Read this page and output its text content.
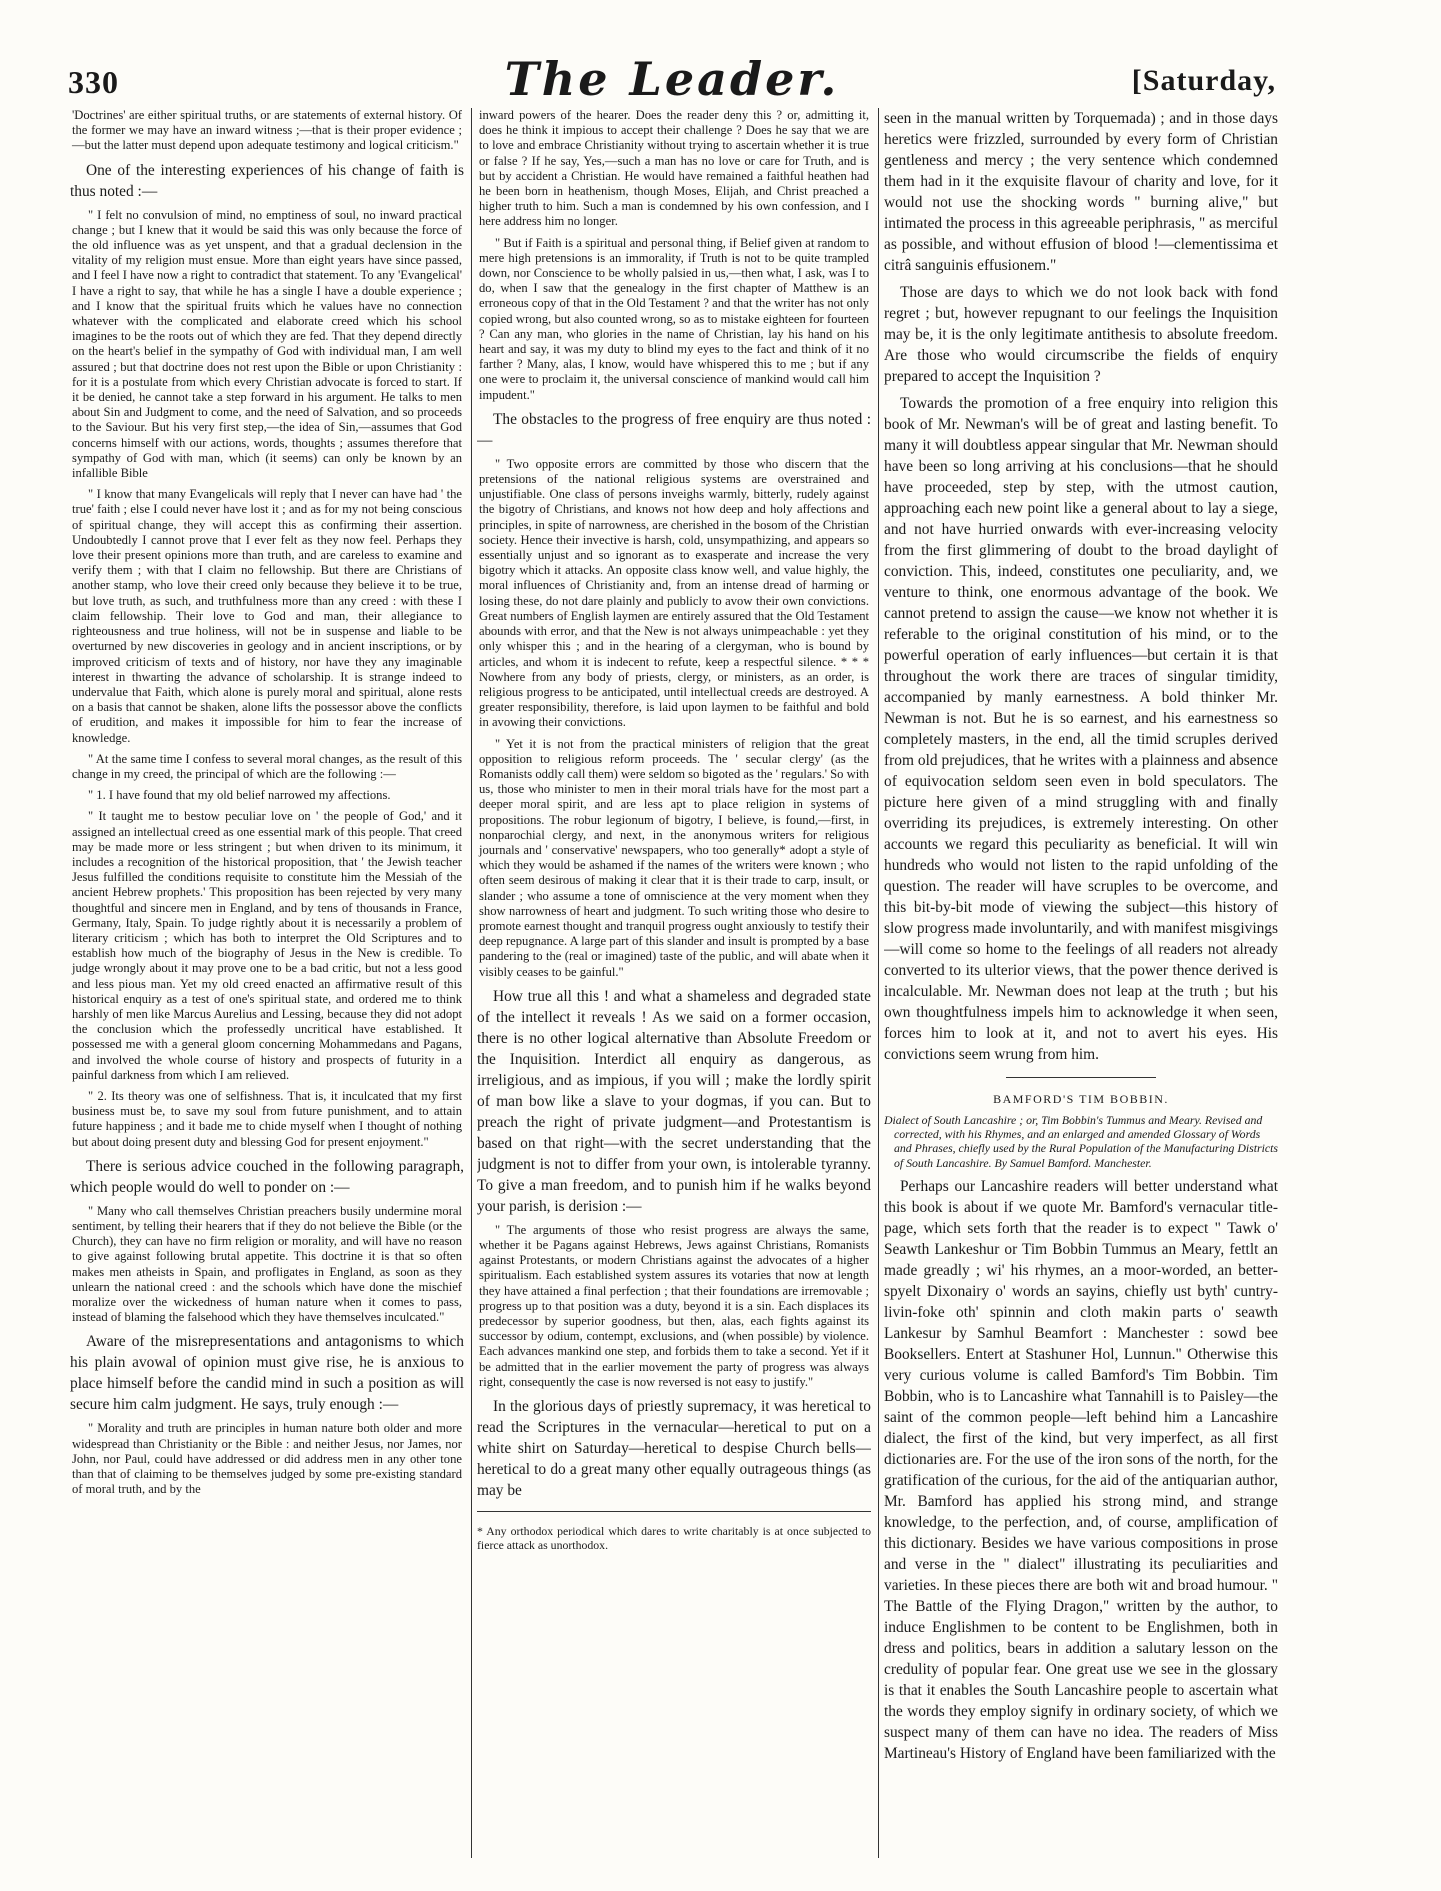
330	The Leader.	[Saturday,

'Doctrines' are either spiritual truths, or are statements of external history. Of the former we may have an inward witness ;—that is their proper evidence ;—but the latter must depend upon adequate testimony and logical criticism."

One of the interesting experiences of his change of faith is thus noted :—

" I felt no convulsion of mind, no emptiness of soul, no inward practical change ; but I knew that it would be said this was only because the force of the old influence was as yet unspent, and that a gradual declension in the vitality of my religion must ensue. More than eight years have since passed, and I feel I have now a right to contradict that statement. To any 'Evangelical' I have a right to say, that while he has a single I have a double experience ; and I know that the spiritual fruits which he values have no connection whatever with the complicated and elaborate creed which his school imagines to be the roots out of which they are fed. That they depend directly on the heart's belief in the sympathy of God with individual man, I am well assured ; but that doctrine does not rest upon the Bible or upon Christianity : for it is a postulate from which every Christian advocate is forced to start. If it be denied, he cannot take a step forward in his argument. He talks to men about Sin and Judgment to come, and the need of Salvation, and so proceeds to the Saviour. But his very first step,—the idea of Sin,—assumes that God concerns himself with our actions, words, thoughts ; assumes therefore that sympathy of God with man, which (it seems) can only be known by an infallible Bible

" I know that many Evangelicals will reply that I never can have had ' the true' faith ; else I could never have lost it ; and as for my not being conscious of spiritual change, they will accept this as confirming their assertion. Undoubtedly I cannot prove that I ever felt as they now feel. Perhaps they love their present opinions more than truth, and are careless to examine and verify them ; with that I claim no fellowship. But there are Christians of another stamp, who love their creed only because they believe it to be true, but love truth, as such, and truthfulness more than any creed : with these I claim fellowship. Their love to God and man, their allegiance to righteousness and true holiness, will not be in suspense and liable to be overturned by new discoveries in geology and in ancient inscriptions, or by improved criticism of texts and of history, nor have they any imaginable interest in thwarting the advance of scholarship. It is strange indeed to undervalue that Faith, which alone is purely moral and spiritual, alone rests on a basis that cannot be shaken, alone lifts the possessor above the conflicts of erudition, and makes it impossible for him to fear the increase of knowledge.

" At the same time I confess to several moral changes, as the result of this change in my creed, the principal of which are the following :—

" 1. I have found that my old belief narrowed my affections.

" It taught me to bestow peculiar love on ' the people of God,' and it assigned an intellectual creed as one essential mark of this people. That creed may be made more or less stringent ; but when driven to its minimum, it includes a recognition of the historical proposition, that ' the Jewish teacher Jesus fulfilled the conditions requisite to constitute him the Messiah of the ancient Hebrew prophets.' This proposition has been rejected by very many thoughtful and sincere men in England, and by tens of thousands in France, Germany, Italy, Spain. To judge rightly about it is necessarily a problem of literary criticism ; which has both to interpret the Old Scriptures and to establish how much of the biography of Jesus in the New is credible. To judge wrongly about it may prove one to be a bad critic, but not a less good and less pious man. Yet my old creed enacted an affirmative result of this historical enquiry as a test of one's spiritual state, and ordered me to think harshly of men like Marcus Aurelius and Lessing, because they did not adopt the conclusion which the professedly uncritical have established. It possessed me with a general gloom concerning Mohammedans and Pagans, and involved the whole course of history and prospects of futurity in a painful darkness from which I am relieved.

" 2. Its theory was one of selfishness. That is, it inculcated that my first business must be, to save my soul from future punishment, and to attain future happiness ; and it bade me to chide myself when I thought of nothing but about doing present duty and blessing God for present enjoyment."

There is serious advice couched in the following paragraph, which people would do well to ponder on :—

" Many who call themselves Christian preachers busily undermine moral sentiment, by telling their hearers that if they do not believe the Bible (or the Church), they can have no firm religion or morality, and will have no reason to give against following brutal appetite. This doctrine it is that so often makes men atheists in Spain, and profligates in England, as soon as they unlearn the national creed : and the schools which have done the mischief moralize over the wickedness of human nature when it comes to pass, instead of blaming the falsehood which they have themselves inculcated."

Aware of the misrepresentations and antagonisms to which his plain avowal of opinion must give rise, he is anxious to place himself before the candid mind in such a position as will secure him calm judgment. He says, truly enough :—

" Morality and truth are principles in human nature both older and more widespread than Christianity or the Bible : and neither Jesus, nor James, nor John, nor Paul, could have addressed or did address men in any other tone than that of claiming to be themselves judged by some pre-existing standard of moral truth, and by the

inward powers of the hearer. Does the reader deny this ? or, admitting it, does he think it impious to accept their challenge ? Does he say that we are to love and embrace Christianity without trying to ascertain whether it is true or false ? If he say, Yes,—such a man has no love or care for Truth, and is but by accident a Christian. He would have remained a faithful heathen had he been born in heathenism, though Moses, Elijah, and Christ preached a higher truth to him. Such a man is condemned by his own confession, and I here address him no longer.

" But if Faith is a spiritual and personal thing, if Belief given at random to mere high pretensions is an immorality, if Truth is not to be quite trampled down, nor Conscience to be wholly palsied in us,—then what, I ask, was I to do, when I saw that the genealogy in the first chapter of Matthew is an erroneous copy of that in the Old Testament ? and that the writer has not only copied wrong, but also counted wrong, so as to mistake eighteen for fourteen ? Can any man, who glories in the name of Christian, lay his hand on his heart and say, it was my duty to blind my eyes to the fact and think of it no farther ? Many, alas, I know, would have whispered this to me ; but if any one were to proclaim it, the universal conscience of mankind would call him impudent."

The obstacles to the progress of free enquiry are thus noted :—

" Two opposite errors are committed by those who discern that the pretensions of the national religious systems are overstrained and unjustifiable. One class of persons inveighs warmly, bitterly, rudely against the bigotry of Christians, and knows not how deep and holy affections and principles, in spite of narrowness, are cherished in the bosom of the Christian society. Hence their invective is harsh, cold, unsympathizing, and appears so essentially unjust and so ignorant as to exasperate and increase the very bigotry which it attacks. An opposite class know well, and value highly, the moral influences of Christianity and, from an intense dread of harming or losing these, do not dare plainly and publicly to avow their own convictions. Great numbers of English laymen are entirely assured that the Old Testament abounds with error, and that the New is not always unimpeachable : yet they only whisper this ; and in the hearing of a clergyman, who is bound by articles, and whom it is indecent to refute, keep a respectful silence. * * * Nowhere from any body of priests, clergy, or ministers, as an order, is religious progress to be anticipated, until intellectual creeds are destroyed. A greater responsibility, therefore, is laid upon laymen to be faithful and bold in avowing their convictions.

" Yet it is not from the practical ministers of religion that the great opposition to religious reform proceeds. The ' secular clergy' (as the Romanists oddly call them) were seldom so bigoted as the ' regulars.' So with us, those who minister to men in their moral trials have for the most part a deeper moral spirit, and are less apt to place religion in systems of propositions. The robur legionum of bigotry, I believe, is found,—first, in nonparochial clergy, and next, in the anonymous writers for religious journals and ' conservative' newspapers, who too generally* adopt a style of which they would be ashamed if the names of the writers were known ; who often seem desirous of making it clear that it is their trade to carp, insult, or slander ; who assume a tone of omniscience at the very moment when they show narrowness of heart and judgment. To such writing those who desire to promote earnest thought and tranquil progress ought anxiously to testify their deep repugnance. A large part of this slander and insult is prompted by a base pandering to the (real or imagined) taste of the public, and will abate when it visibly ceases to be gainful."

How true all this ! and what a shameless and degraded state of the intellect it reveals ! As we said on a former occasion, there is no other logical alternative than Absolute Freedom or the Inquisition. Interdict all enquiry as dangerous, as irreligious, and as impious, if you will ; make the lordly spirit of man bow like a slave to your dogmas, if you can. But to preach the right of private judgment—and Protestantism is based on that right—with the secret understanding that the judgment is not to differ from your own, is intolerable tyranny. To give a man freedom, and to punish him if he walks beyond your parish, is derision :—

" The arguments of those who resist progress are always the same, whether it be Pagans against Hebrews, Jews against Christians, Romanists against Protestants, or modern Christians against the advocates of a higher spiritualism. Each established system assures its votaries that now at length they have attained a final perfection ; that their foundations are irremovable ; progress up to that position was a duty, beyond it is a sin. Each displaces its predecessor by superior goodness, but then, alas, each fights against its successor by odium, contempt, exclusions, and (when possible) by violence. Each advances mankind one step, and forbids them to take a second. Yet if it be admitted that in the earlier movement the party of progress was always right, consequently the case is now reversed is not easy to justify."

In the glorious days of priestly supremacy, it was heretical to read the Scriptures in the vernacular—heretical to put on a white shirt on Saturday—heretical to despise Church bells—heretical to do a great many other equally outrageous things (as may be

* Any orthodox periodical which dares to write charitably is at once subjected to fierce attack as unorthodox.

seen in the manual written by Torquemada) ; and in those days heretics were frizzled, surrounded by every form of Christian gentleness and mercy ; the very sentence which condemned them had in it the exquisite flavour of charity and love, for it would not use the shocking words " burning alive," but intimated the process in this agreeable periphrasis, " as merciful as possible, and without effusion of blood !—clementissima et citrâ sanguinis effusionem."

Those are days to which we do not look back with fond regret ; but, however repugnant to our feelings the Inquisition may be, it is the only legitimate antithesis to absolute freedom. Are those who would circumscribe the fields of enquiry prepared to accept the Inquisition ?

Towards the promotion of a free enquiry into religion this book of Mr. Newman's will be of great and lasting benefit. To many it will doubtless appear singular that Mr. Newman should have been so long arriving at his conclusions—that he should have proceeded, step by step, with the utmost caution, approaching each new point like a general about to lay a siege, and not have hurried onwards with ever-increasing velocity from the first glimmering of doubt to the broad daylight of conviction. This, indeed, constitutes one peculiarity, and, we venture to think, one enormous advantage of the book. We cannot pretend to assign the cause—we know not whether it is referable to the original constitution of his mind, or to the powerful operation of early influences—but certain it is that throughout the work there are traces of singular timidity, accompanied by manly earnestness. A bold thinker Mr. Newman is not. But he is so earnest, and his earnestness so completely masters, in the end, all the timid scruples derived from old prejudices, that he writes with a plainness and absence of equivocation seldom seen even in bold speculators. The picture here given of a mind struggling with and finally overriding its prejudices, is extremely interesting. On other accounts we regard this peculiarity as beneficial. It will win hundreds who would not listen to the rapid unfolding of the question. The reader will have scruples to be overcome, and this bit-by-bit mode of viewing the subject—this history of slow progress made involuntarily, and with manifest misgivings—will come so home to the feelings of all readers not already converted to its ulterior views, that the power thence derived is incalculable. Mr. Newman does not leap at the truth ; but his own thoughtfulness impels him to acknowledge it when seen, forces him to look at it, and not to avert his eyes. His convictions seem wrung from him.

BAMFORD'S TIM BOBBIN.

Dialect of South Lancashire ; or, Tim Bobbin's Tummus and Meary. Revised and corrected, with his Rhymes, and an enlarged and amended Glossary of Words and Phrases, chiefly used by the Rural Population of the Manufacturing Districts of South Lancashire. By Samuel Bamford. Manchester.

Perhaps our Lancashire readers will better understand what this book is about if we quote Mr. Bamford's vernacular title-page, which sets forth that the reader is to expect " Tawk o' Seawth Lankeshur or Tim Bobbin Tummus an Meary, fettlt an made greadly ; wi' his rhymes, an a moor-worded, an better-spyelt Dixonairy o' words an sayins, chiefly ust byth' cuntry-livin-foke oth' spinnin and cloth makin parts o' seawth Lankesur by Samhul Beamfort : Manchester : sowd bee Booksellers. Entert at Stashuner Hol, Lunnun." Otherwise this very curious volume is called Bamford's Tim Bobbin. Tim Bobbin, who is to Lancashire what Tannahill is to Paisley—the saint of the common people—left behind him a Lancashire dialect, the first of the kind, but very imperfect, as all first dictionaries are. For the use of the iron sons of the north, for the gratification of the curious, for the aid of the antiquarian author, Mr. Bamford has applied his strong mind, and strange knowledge, to the perfection, and, of course, amplification of this dictionary. Besides we have various compositions in prose and verse in the " dialect" illustrating its peculiarities and varieties. In these pieces there are both wit and broad humour. " The Battle of the Flying Dragon," written by the author, to induce Englishmen to be content to be Englishmen, both in dress and politics, bears in addition a salutary lesson on the credulity of popular fear. One great use we see in the glossary is that it enables the South Lancashire people to ascertain what the words they employ signify in ordinary society, of which we suspect many of them can have no idea. The readers of Miss Martineau's History of England have been familiarized with the
